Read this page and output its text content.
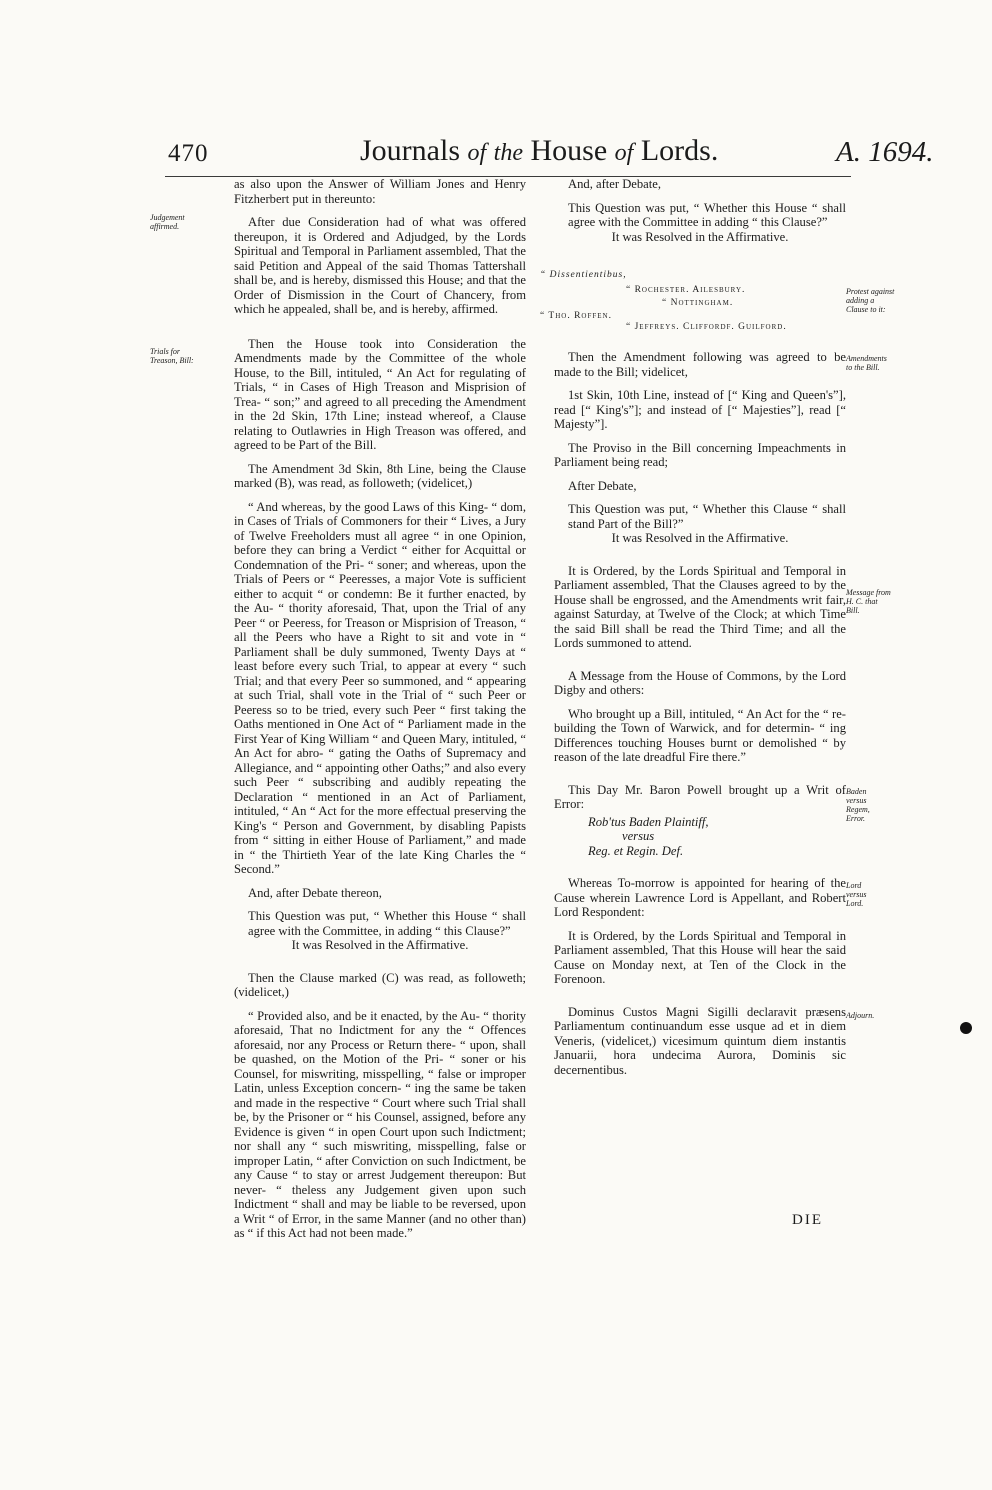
470	Journals of the House of Lords.	A. 1694.
Judgement
affirmed.
Trials for
Treason, Bill:
Protest against
adding a
Clause to it:
Amendments
to the Bill.
Message from
H. C. that
Bill.
Baden
versus
Regem,
Error.
Lord
versus
Lord.
Adjourn.

as also upon the Answer of William Jones and Henry Fitzherbert put in thereunto:

After due Consideration had of what was offered thereupon, it is Ordered and Adjudged, by the Lords Spiritual and Temporal in Parliament assembled, That the said Petition and Appeal of the said Thomas Tattershall shall be, and is hereby, dismissed this House; and that the Order of Dismission in the Court of Chancery, from which he appealed, shall be, and is hereby, affirmed.

Then the House took into Consideration the Amendments made by the Committee of the whole House, to the Bill, intituled, “ An Act for regulating of Trials, “ in Cases of High Treason and Misprision of Trea- “ son;” and agreed to all preceding the Amendment in the 2d Skin, 17th Line; instead whereof, a Clause relating to Outlawries in High Treason was offered, and agreed to be Part of the Bill.

The Amendment 3d Skin, 8th Line, being the Clause marked (B), was read, as followeth; (videlicet,)

“ And whereas, by the good Laws of this King- “ dom, in Cases of Trials of Commoners for their “ Lives, a Jury of Twelve Freeholders must all agree “ in one Opinion, before they can bring a Verdict “ either for Acquittal or Condemnation of the Pri- “ soner; and whereas, upon the Trials of Peers or “ Peeresses, a major Vote is sufficient either to acquit “ or condemn: Be it further enacted, by the Au- “ thority aforesaid, That, upon the Trial of any Peer “ or Peeress, for Treason or Misprision of Treason, “ all the Peers who have a Right to sit and vote in “ Parliament shall be duly summoned, Twenty Days at “ least before every such Trial, to appear at every “ such Trial; and that every Peer so summoned, and “ appearing at such Trial, shall vote in the Trial of “ such Peer or Peeress so to be tried, every such Peer “ first taking the Oaths mentioned in One Act of “ Parliament made in the First Year of King William “ and Queen Mary, intituled, “ An Act for abro- “ gating the Oaths of Supremacy and Allegiance, and “ appointing other Oaths;” and also every such Peer “ subscribing and audibly repeating the Declaration “ mentioned in an Act of Parliament, intituled, “ An “ Act for the more effectual preserving the King's “ Person and Government, by disabling Papists from “ sitting in either House of Parliament,” and made in “ the Thirtieth Year of the late King Charles the “ Second.”

And, after Debate thereon,

This Question was put, “ Whether this House “ shall agree with the Committee, in adding “ this Clause?”

It was Resolved in the Affirmative.

Then the Clause marked (C) was read, as followeth; (videlicet,)

“ Provided also, and be it enacted, by the Au- “ thority aforesaid, That no Indictment for any the “ Offences aforesaid, nor any Process or Return there- “ upon, shall be quashed, on the Motion of the Pri- “ soner or his Counsel, for miswriting, misspelling, “ false or improper Latin, unless Exception concern- “ ing the same be taken and made in the respective “ Court where such Trial shall be, by the Prisoner or “ his Counsel, assigned, before any Evidence is given “ in open Court upon such Indictment; nor shall any “ such miswriting, misspelling, false or improper Latin, “ after Conviction on such Indictment, be any Cause “ to stay or arrest Judgement thereupon: But never- “ theless any Judgement given upon such Indictment “ shall and may be liable to be reversed, upon a Writ “ of Error, in the same Manner (and no other than) as “ if this Act had not been made.”

And, after Debate,

This Question was put, “ Whether this House “ shall agree with the Committee in adding “ this Clause?”

It was Resolved in the Affirmative.

“ Dissentientibus,
“ Rochester. Ailesbury.
“ Nottingham.
“ Tho. Roffen.
“ Jeffreys. Cliffordf. Guilford.

Then the Amendment following was agreed to be made to the Bill; videlicet,

1st Skin, 10th Line, instead of [“ King and Queen's”], read [“ King's”]; and instead of [“ Majesties”], read [“ Majesty”].

The Proviso in the Bill concerning Impeachments in Parliament being read;

After Debate,

This Question was put, “ Whether this Clause “ shall stand Part of the Bill?”

It was Resolved in the Affirmative.

It is Ordered, by the Lords Spiritual and Temporal in Parliament assembled, That the Clauses agreed to by the House shall be engrossed, and the Amendments writ fair, against Saturday, at Twelve of the Clock; at which Time the said Bill shall be read the Third Time; and all the Lords summoned to attend.

A Message from the House of Commons, by the Lord Digby and others:

Who brought up a Bill, intituled, “ An Act for the “ re-building the Town of Warwick, and for determin- “ ing Differences touching Houses burnt or demolished “ by reason of the late dreadful Fire there.”

This Day Mr. Baron Powell brought up a Writ of Error:

Rob'tus Baden Plaintiff,
versus
Reg. et Regin. Def.

Whereas To-morrow is appointed for hearing of the Cause wherein Lawrence Lord is Appellant, and Robert Lord Respondent:

It is Ordered, by the Lords Spiritual and Temporal in Parliament assembled, That this House will hear the said Cause on Monday next, at Ten of the Clock in the Forenoon.

Dominus Custos Magni Sigilli declaravit præsens Parliamentum continuandum esse usque ad et in diem Veneris, (videlicet,) vicesimum quintum diem instantis Januarii, hora undecima Aurora, Dominis sic decernentibus.

DIE
